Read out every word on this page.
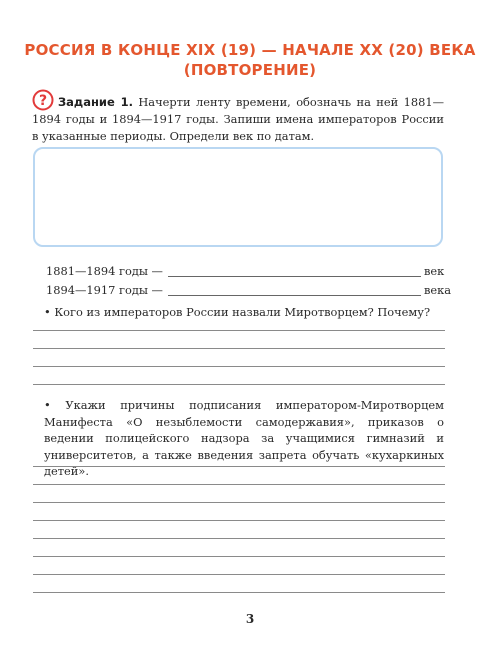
РОССИЯ В КОНЦЕ XIX (19) — НАЧАЛЕ XX (20) ВЕКА
(ПОВТОРЕНИЕ)
? Задание 1. Начерти ленту времени, обозначь на ней 1881—1894 годы и 1894—1917 годы. Запиши имена императоров России в указанные периоды. Определи век по датам.
1881—1894 годы —	век
1894—1917 годы —	века
• Кого из императоров России назвали Миротворцем? Почему?
• Укажи причины подписания императором-Миротворцем Манифеста «О незыблемости самодержавия», приказов о ведении полицейского надзора за учащимися гимназий и университетов, а также введения запрета обучать «кухаркиных детей».
3
